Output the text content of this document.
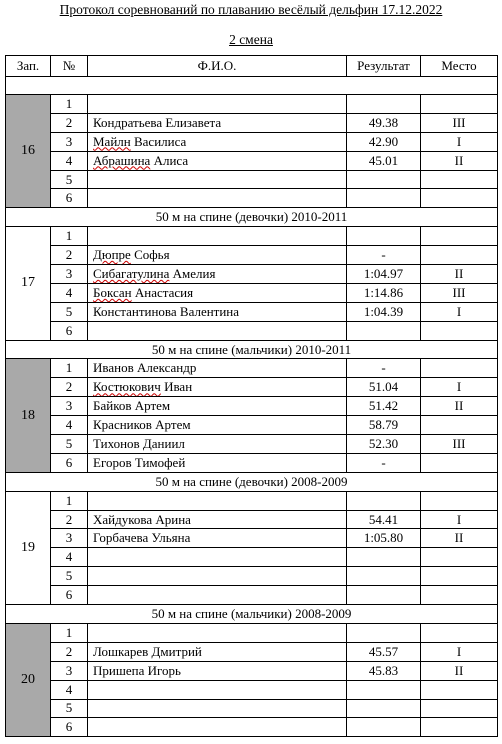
Протокол соревнований по плаванию весёлый дельфин 17.12.2022
2 смена
Зап.	№	Ф.И.О.	Результат	Место

16	1			
	2	Кондратьева Елизавета	49.38	III
	3	Майлн Василиса	42.90	I
	4	Абрашина Алиса	45.01	II
	5			
	6			
50 м на спине (девочки) 2010-2011				
17	1			
	2	Дюпре Софья	-	
	3	Сибагатулина Амелия	1:04.97	II
	4	Боксан Анастасия	1:14.86	III
	5	Константинова Валентина	1:04.39	I
	6			
50 м на спине (мальчики) 2010-2011				
18	1	Иванов Александр	-	
	2	Костюкович Иван	51.04	I
	3	Байков Артем	51.42	II
	4	Красников Артем	58.79	
	5	Тихонов Даниил	52.30	III
	6	Егоров Тимофей	-	
50 м на спине (девочки) 2008-2009				
19	1			
	2	Хайдукова Арина	54.41	I
	3	Горбачева Ульяна	1:05.80	II
	4			
	5			
	6			
50 м на спине (мальчики) 2008-2009				
20	1			
	2	Лошкарев Дмитрий	45.57	I
	3	Пришепа Игорь	45.83	II
	4			
	5			
	6			
